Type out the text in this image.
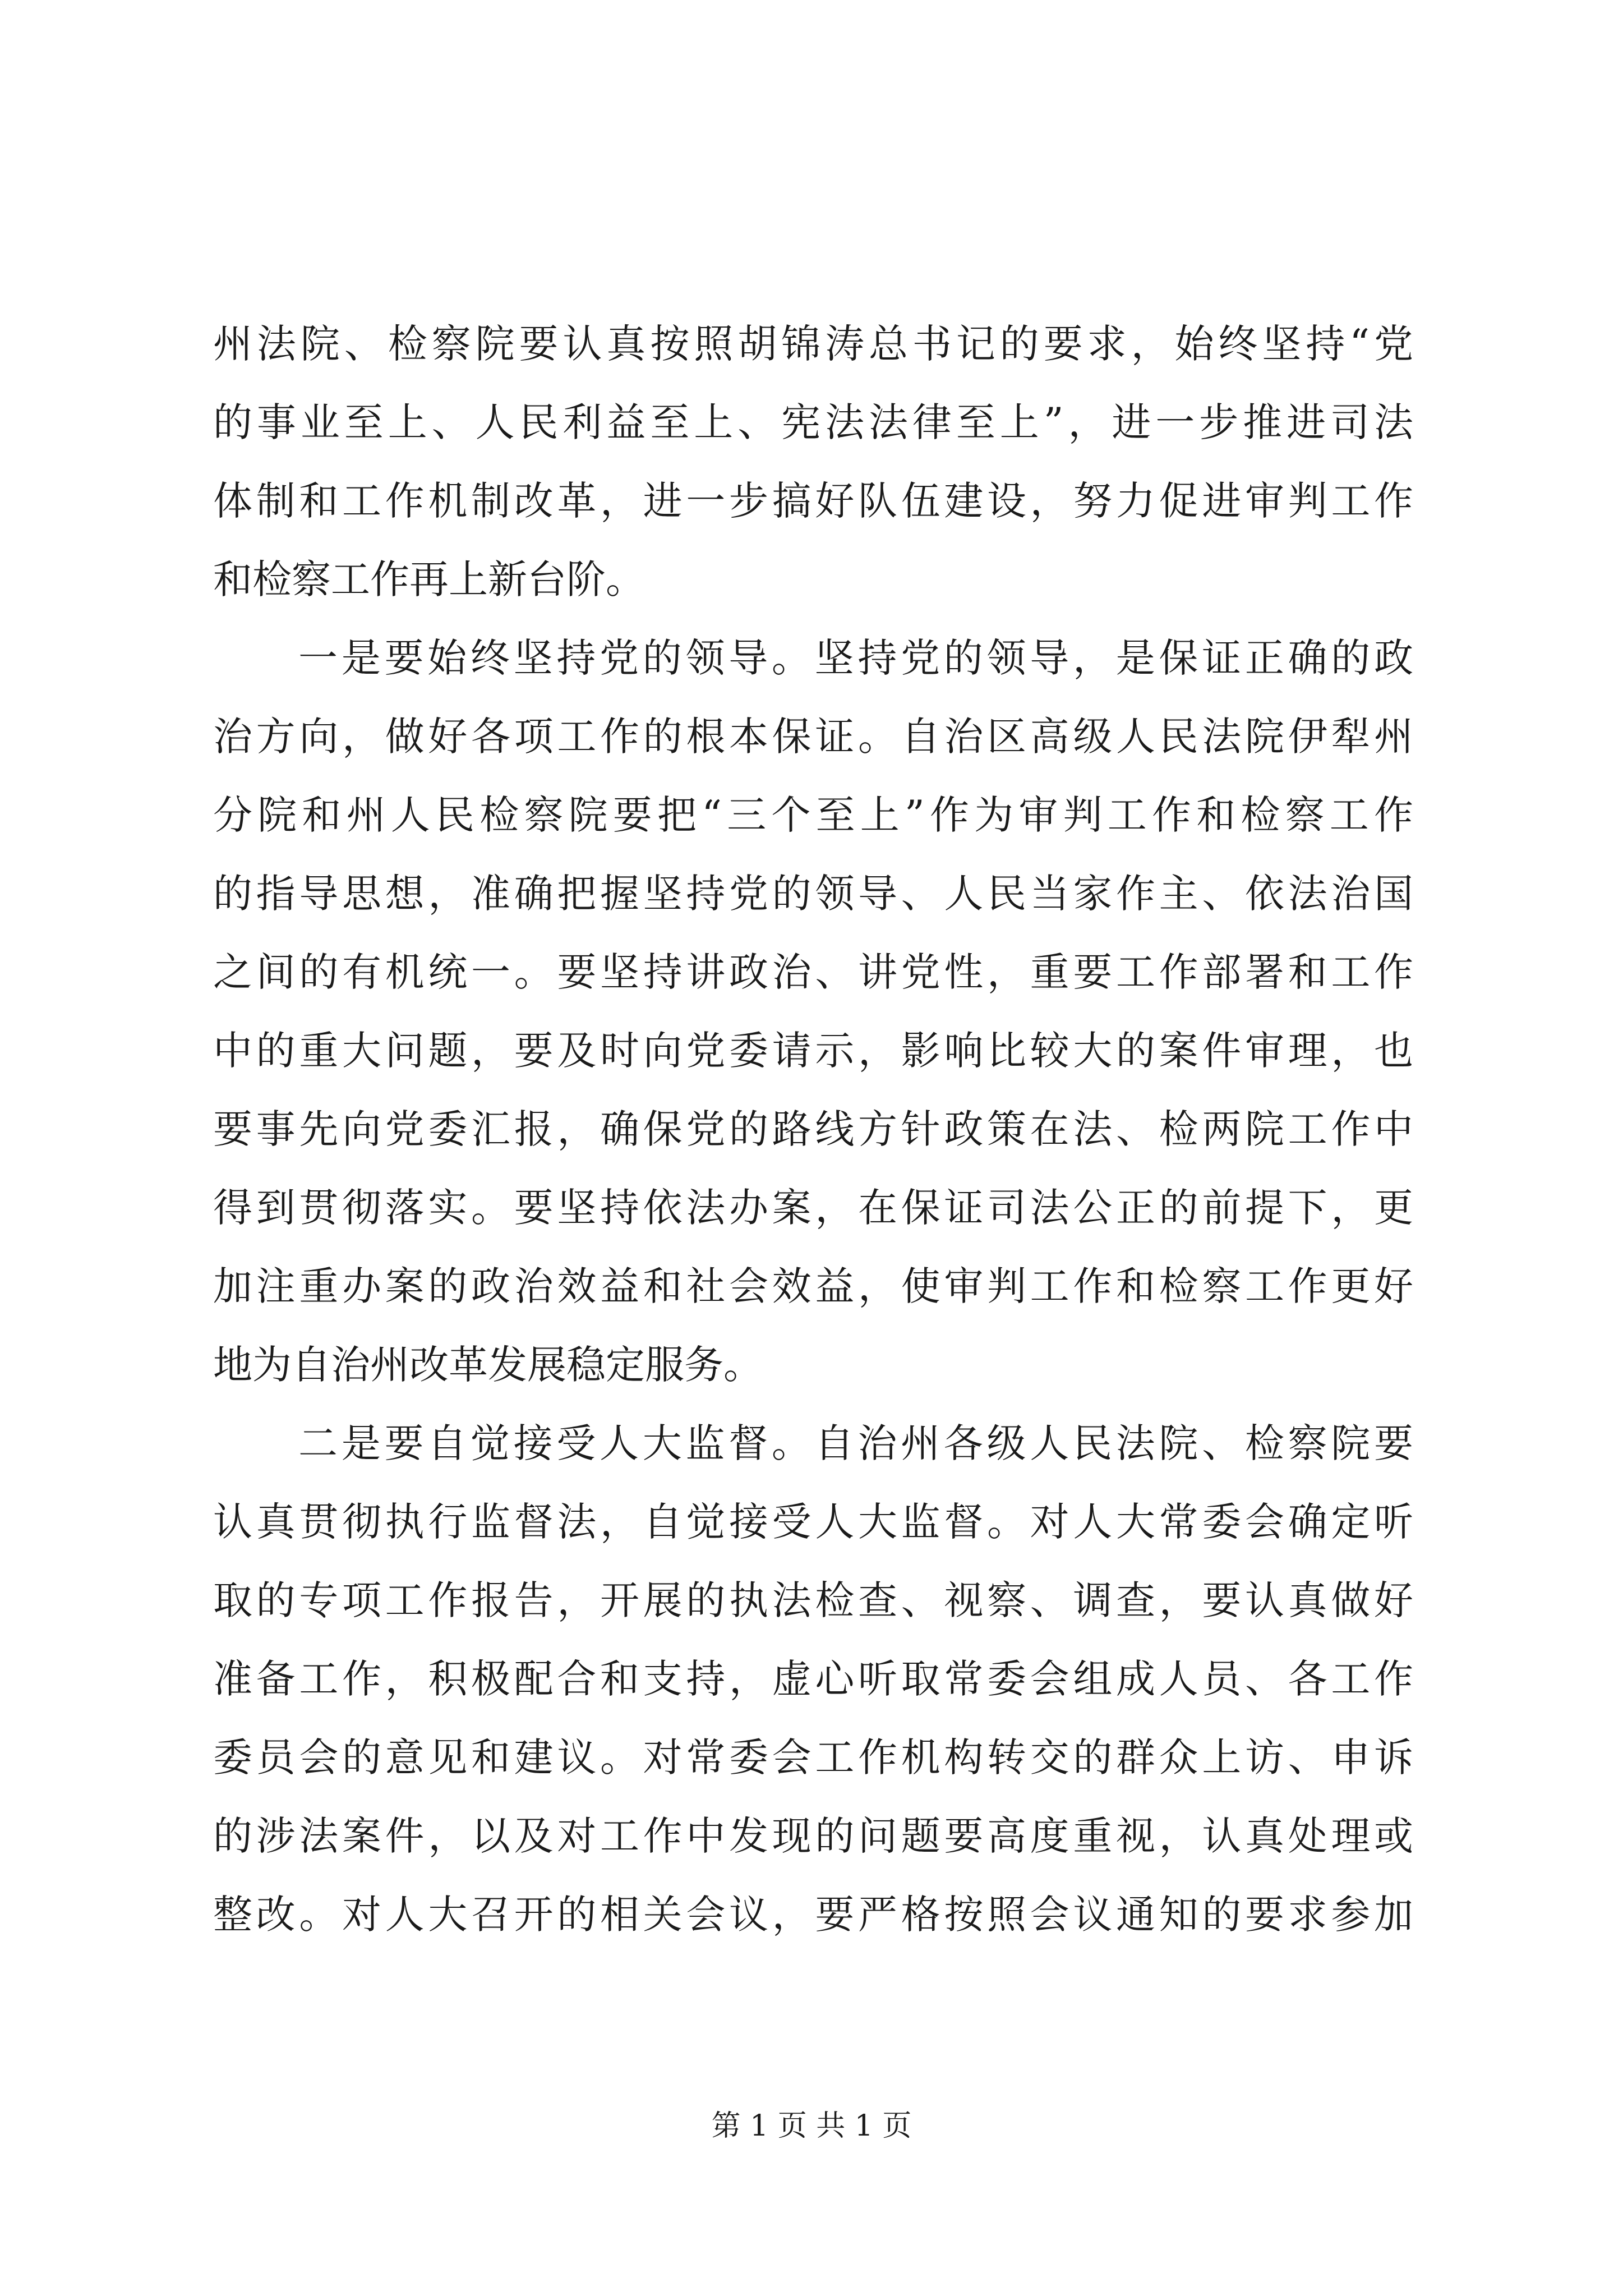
州法院、检察院要认真按照胡锦涛总书记的要求，始终坚持“党
的事业至上、人民利益至上、宪法法律至上”，进一步推进司法
体制和工作机制改革，进一步搞好队伍建设，努力促进审判工作
和检察工作再上新台阶。
一是要始终坚持党的领导。坚持党的领导，是保证正确的政
治方向，做好各项工作的根本保证。自治区高级人民法院伊犁州
分院和州人民检察院要把“三个至上”作为审判工作和检察工作
的指导思想，准确把握坚持党的领导、人民当家作主、依法治国
之间的有机统一。要坚持讲政治、讲党性，重要工作部署和工作
中的重大问题，要及时向党委请示，影响比较大的案件审理，也
要事先向党委汇报，确保党的路线方针政策在法、检两院工作中
得到贯彻落实。要坚持依法办案，在保证司法公正的前提下，更
加注重办案的政治效益和社会效益，使审判工作和检察工作更好
地为自治州改革发展稳定服务。
二是要自觉接受人大监督。自治州各级人民法院、检察院要
认真贯彻执行监督法，自觉接受人大监督。对人大常委会确定听
取的专项工作报告，开展的执法检查、视察、调查，要认真做好
准备工作，积极配合和支持，虚心听取常委会组成人员、各工作
委员会的意见和建议。对常委会工作机构转交的群众上访、申诉
的涉法案件，以及对工作中发现的问题要高度重视，认真处理或
整改。对人大召开的相关会议，要严格按照会议通知的要求参加
第 1 页 共 1 页
